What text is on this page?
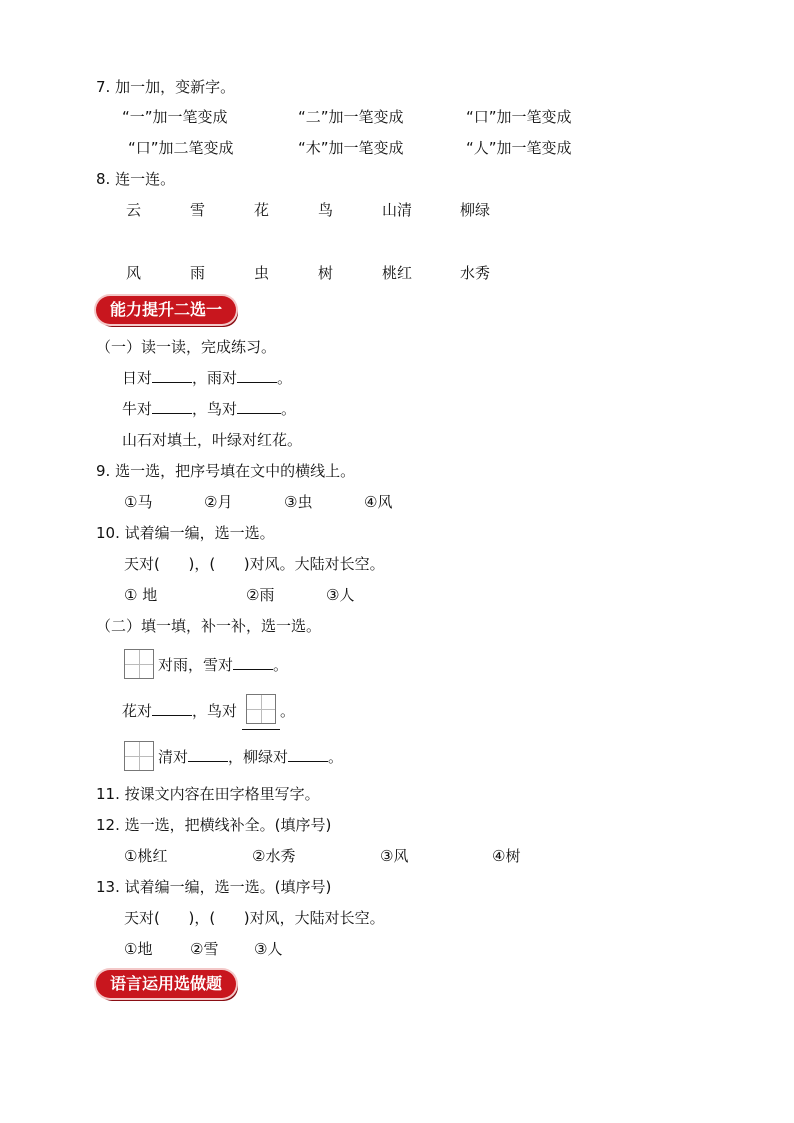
7. 加一加，变新字。
“一”加一笔变成	“二”加一笔变成	“口”加一笔变成
“口”加二笔变成	“木”加一笔变成	“人”加一笔变成
8. 连一连。
云	雪	花	鸟	山清	柳绿
风	雨	虫	树	桃红	水秀
能力提升二选一
（一）读一读，完成练习。
日对	，雨对	。
牛对	，鸟对	。
山石对填土，叶绿对红花。
9. 选一选，把序号填在文中的横线上。
①马	②月	③虫	④风
10. 试着编一编，选一选。
天对(      )，(      )对风。大陆对长空。
① 地	②雨	③人
（二）填一填，补一补，选一选。
对雨，雪对	。
花对	，鸟对	。
清对	，柳绿对	。
11. 按课文内容在田字格里写字。
12. 选一选，把横线补全。(填序号)
①桃红	②水秀	③风	④树
13. 试着编一编，选一选。(填序号)
天对(      )，(      )对风，大陆对长空。
①地	②雪 ③人
语言运用选做题
